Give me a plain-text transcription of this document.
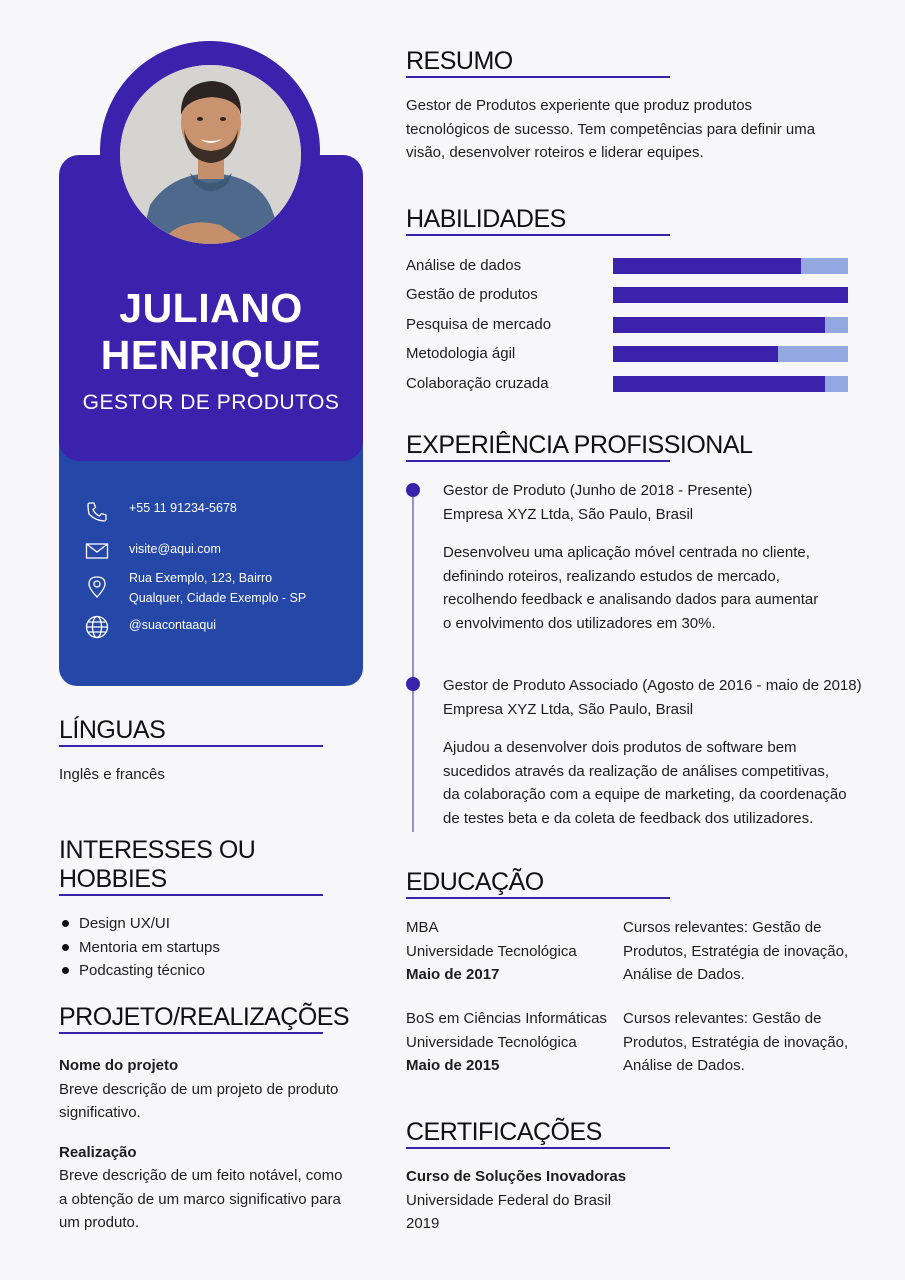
JULIANO
HENRIQUE
GESTOR DE PRODUTOS
+55 11 91234-5678
visite@aqui.com
Rua Exemplo, 123, Bairro
Qualquer, Cidade Exemplo - SP
@suacontaaqui
LÍNGUAS
Inglês e francês
INTERESSES OU HOBBIES
Design UX/UI
Mentoria em startups
Podcasting técnico
PROJETO/REALIZAÇÕES
Nome do projeto
Breve descrição de um projeto de produto
significativo.
Realização
Breve descrição de um feito notável, como
a obtenção de um marco significativo para
um produto.
RESUMO
Gestor de Produtos experiente que produz produtos
tecnológicos de sucesso. Tem competências para definir uma
visão, desenvolver roteiros e liderar equipes.
HABILIDADES
Análise de dados
Gestão de produtos
Pesquisa de mercado
Metodologia ágil
Colaboração cruzada
EXPERIÊNCIA PROFISSIONAL
Gestor de Produto (Junho de 2018 - Presente)
Empresa XYZ Ltda, São Paulo, Brasil
Desenvolveu uma aplicação móvel centrada no cliente,
definindo roteiros, realizando estudos de mercado,
recolhendo feedback e analisando dados para aumentar
o envolvimento dos utilizadores em 30%.
Gestor de Produto Associado (Agosto de 2016 - maio de 2018)
Empresa XYZ Ltda, São Paulo, Brasil
Ajudou a desenvolver dois produtos de software bem
sucedidos através da realização de análises competitivas,
da colaboração com a equipe de marketing, da coordenação
de testes beta e da coleta de feedback dos utilizadores.
EDUCAÇÃO
MBA
Universidade Tecnológica
Maio de 2017
Cursos relevantes: Gestão de
Produtos, Estratégia de inovação,
Análise de Dados.
BoS em Ciências Informáticas
Universidade Tecnológica
Maio de 2015
Cursos relevantes: Gestão de
Produtos, Estratégia de inovação,
Análise de Dados.
CERTIFICAÇÕES
Curso de Soluções Inovadoras
Universidade Federal do Brasil
2019
